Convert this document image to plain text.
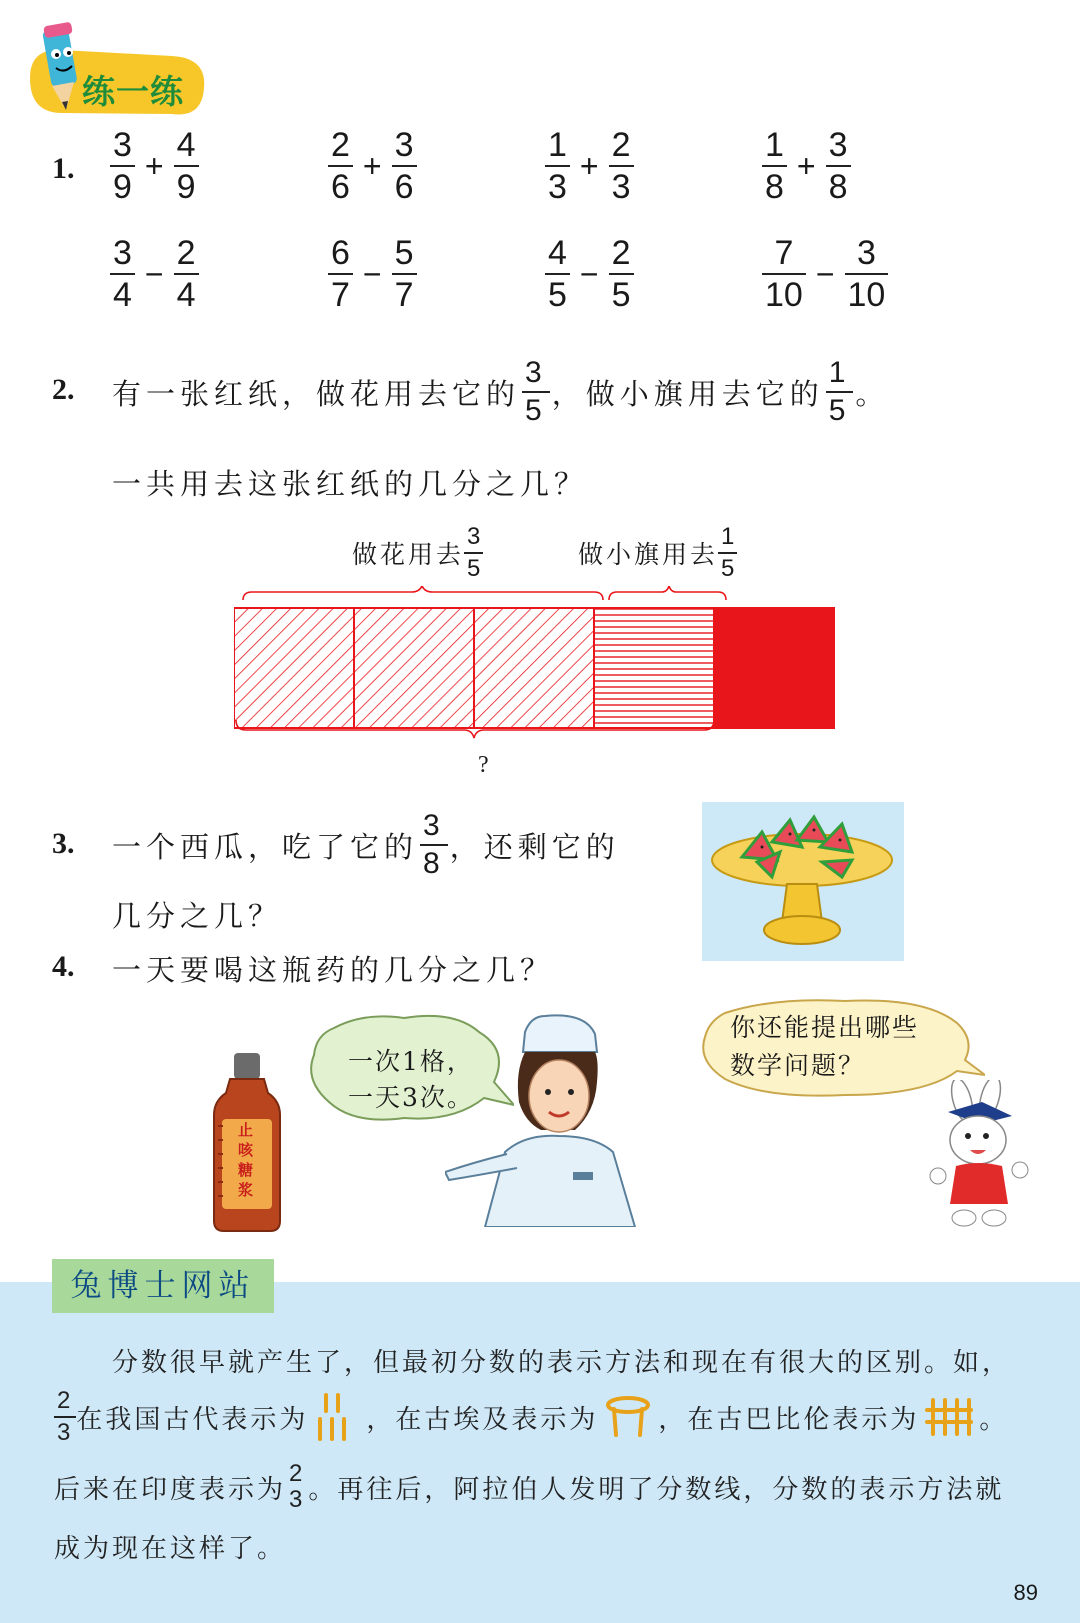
练一练
1. $\frac{3}{9} + \frac{4}{9}$	$\frac{2}{6} + \frac{3}{6}$	$\frac{1}{3} + \frac{2}{3}$	$\frac{1}{8} + \frac{3}{8}$
$\frac{3}{4} - \frac{2}{4}$	$\frac{6}{7} - \frac{5}{7}$	$\frac{4}{5} - \frac{2}{5}$	$\frac{7}{10} - \frac{3}{10}$
2. 有一张红纸，做花用去它的 $\frac{3}{5}$ ，做小旗用去它的 $\frac{1}{5}$ 。
一共用去这张红纸的几分之几？
做花用去 $\frac{3}{5}$	做小旗用去 $\frac{1}{5}$
?
3. 一个西瓜，吃了它的 $\frac{3}{8}$ ，还剩它的
几分之几？
4. 一天要喝这瓶药的几分之几？
止咳糖浆
一次1格，
一天3次。
你还能提出哪些
数学问题？
兔博士网站
分数很早就产生了，但最初分数的表示方法和现在有很大的区别。如，
$\frac{2}{3}$ 在我国古代表示为 ，在古埃及表示为 ，在古巴比伦表示为 。
后来在印度表示为
2
3 。再往后，阿拉伯人发明了分数线，分数的表示方法就
成为现在这样了。
89
